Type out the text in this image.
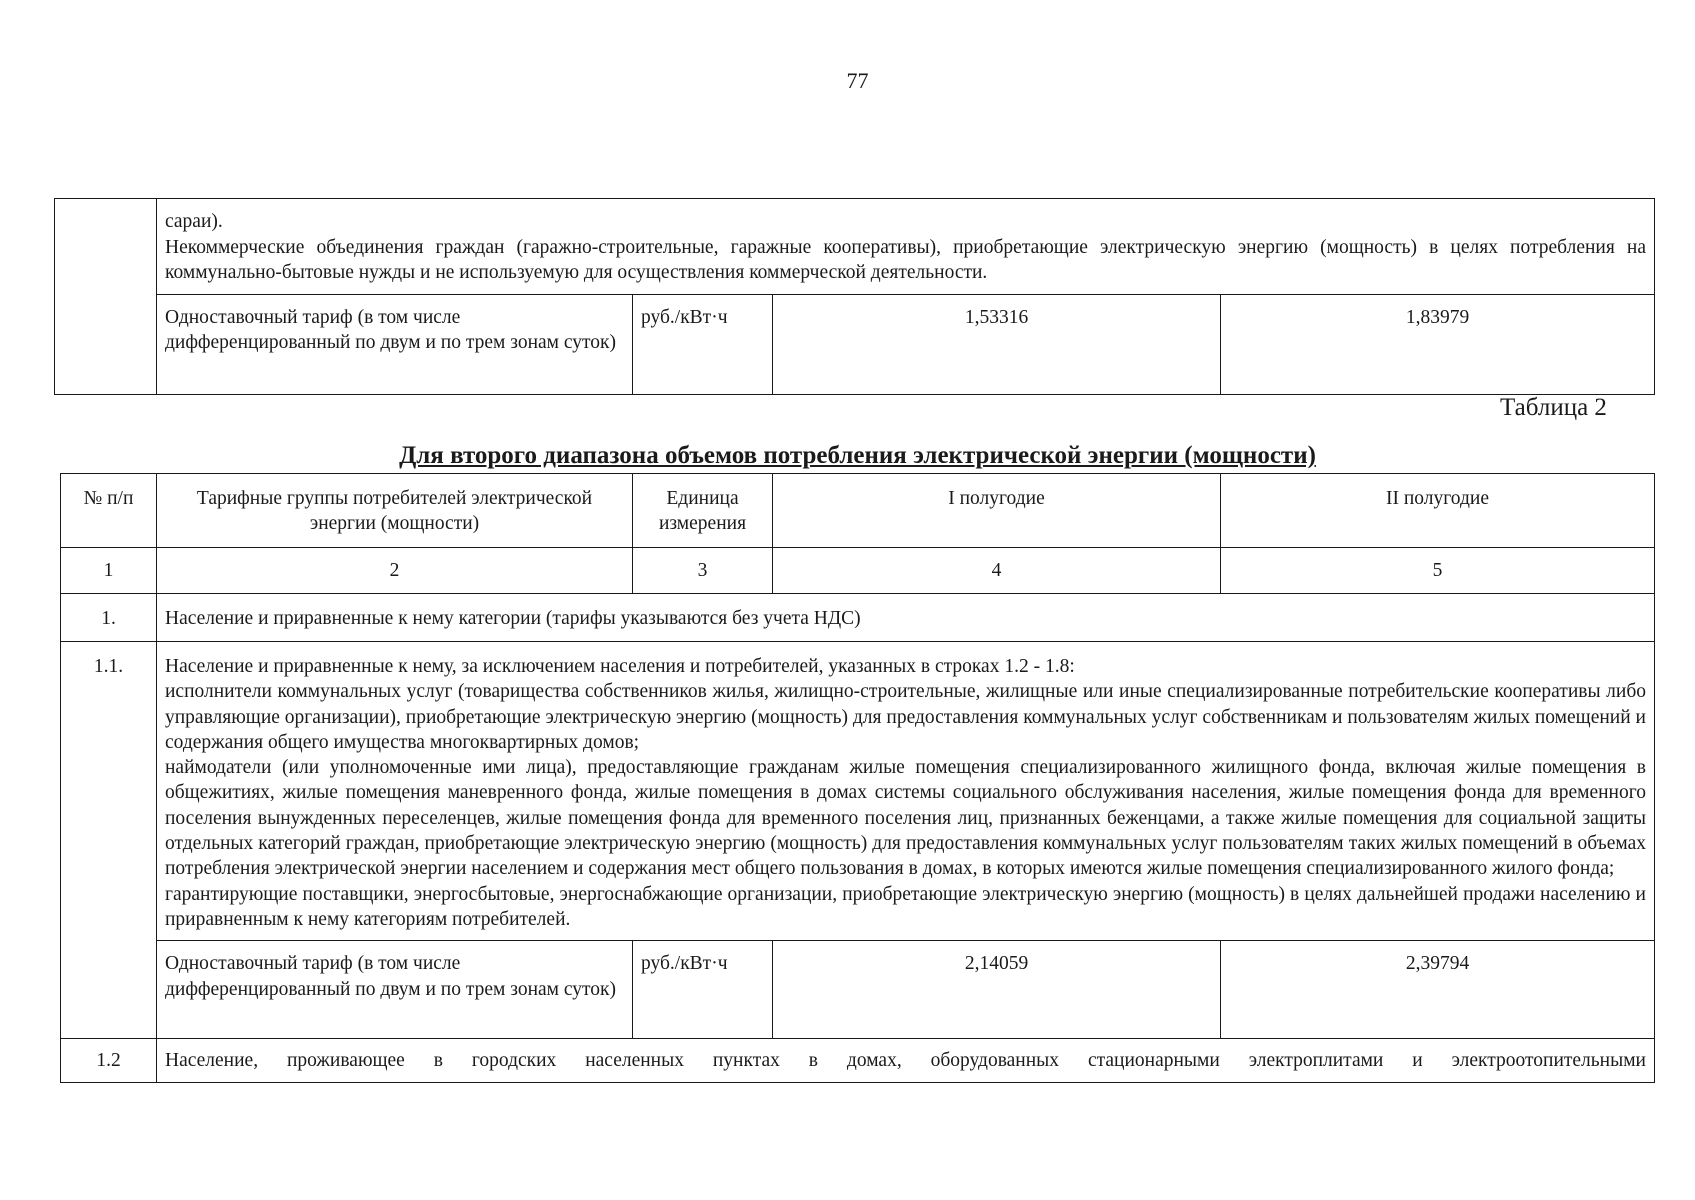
77

	сараи).
Некоммерческие объединения граждан (гаражно-строительные, гаражные кооперативы), приобретающие электрическую энергию (мощность) в целях потребления на коммунально-бытовые нужды и не используемую для осуществления коммерческой деятельности.			

	Одноставочный тариф (в том числе дифференцированный по двум и по трем зонам суток)	руб./кВт·ч	1,53316	1,83979
Таблица 2
Для второго диапазона объемов потребления электрической энергии (мощности)
№ п/п	Тарифные группы потребителей электрической энергии (мощности)	Единица измерения	I полугодие	II полугодие
1	2	3	4	5
1.	Население и приравненные к нему категории (тарифы указываются без учета НДС)			
1.1.	Население и приравненные к нему, за исключением населения и потребителей, указанных в строках 1.2 - 1.8:
исполнители коммунальных услуг (товарищества собственников жилья, жилищно-строительные, жилищные или иные специализированные потребительские кооперативы либо управляющие организации), приобретающие электрическую энергию (мощность) для предоставления коммунальных услуг собственникам и пользователям жилых помещений и содержания общего имущества многоквартирных домов;
наймодатели (или уполномоченные ими лица), предоставляющие гражданам жилые помещения специализированного жилищного фонда, включая жилые помещения в общежитиях, жилые помещения маневренного фонда, жилые помещения в домах системы социального обслуживания населения, жилые помещения фонда для временного поселения вынужденных переселенцев, жилые помещения фонда для временного поселения лиц, признанных беженцами, а также жилые помещения для социальной защиты отдельных категорий граждан, приобретающие электрическую энергию (мощность) для предоставления коммунальных услуг пользователям таких жилых помещений в объемах потребления электрической энергии населением и содержания мест общего пользования в домах, в которых имеются жилые помещения специализированного жилого фонда;
гарантирующие поставщики, энергосбытовые, энергоснабжающие организации, приобретающие электрическую энергию (мощность) в целях дальнейшей продажи населению и приравненным к нему категориям потребителей.			

	Одноставочный тариф (в том числе дифференцированный по двум и по трем зонам суток)	руб./кВт·ч	2,14059	2,39794
1.2	Население, проживающее в городских населенных пунктах в домах, оборудованных стационарными электроплитами и электроотопительными			
